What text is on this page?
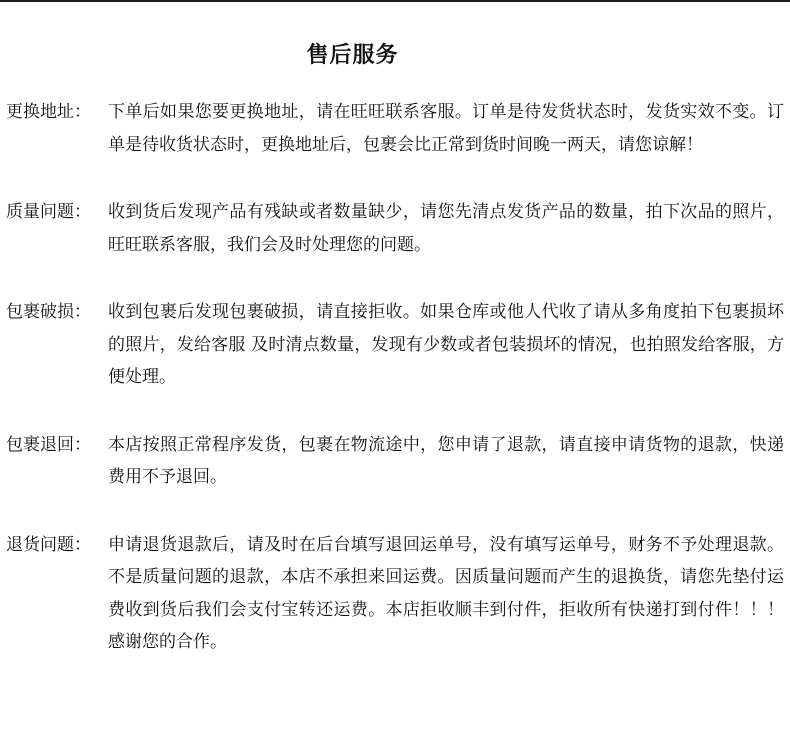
售后服务
更换地址：	下单后如果您要更换地址，请在旺旺联系客服。订单是待发货状态时，发货实效不变。订单是待收货状态时，更换地址后，包裹会比正常到货时间晚一两天，请您谅解！
质量问题：	收到货后发现产品有残缺或者数量缺少，请您先清点发货产品的数量，拍下次品的照片，旺旺联系客服，我们会及时处理您的问题。
包裹破损：	收到包裹后发现包裹破损，请直接拒收。如果仓库或他人代收了请从多角度拍下包裹损坏的照片，发给客服 及时清点数量，发现有少数或者包装损坏的情况，也拍照发给客服，方便处理。
包裹退回：	本店按照正常程序发货，包裹在物流途中，您申请了退款，请直接申请货物的退款，快递费用不予退回。
退货问题：	申请退货退款后，请及时在后台填写退回运单号，没有填写运单号，财务不予处理退款。不是质量问题的退款，本店不承担来回运费。因质量问题而产生的退换货，请您先垫付运费收到货后我们会支付宝转还运费。本店拒收顺丰到付件，拒收所有快递打到付件！！！感谢您的合作。
